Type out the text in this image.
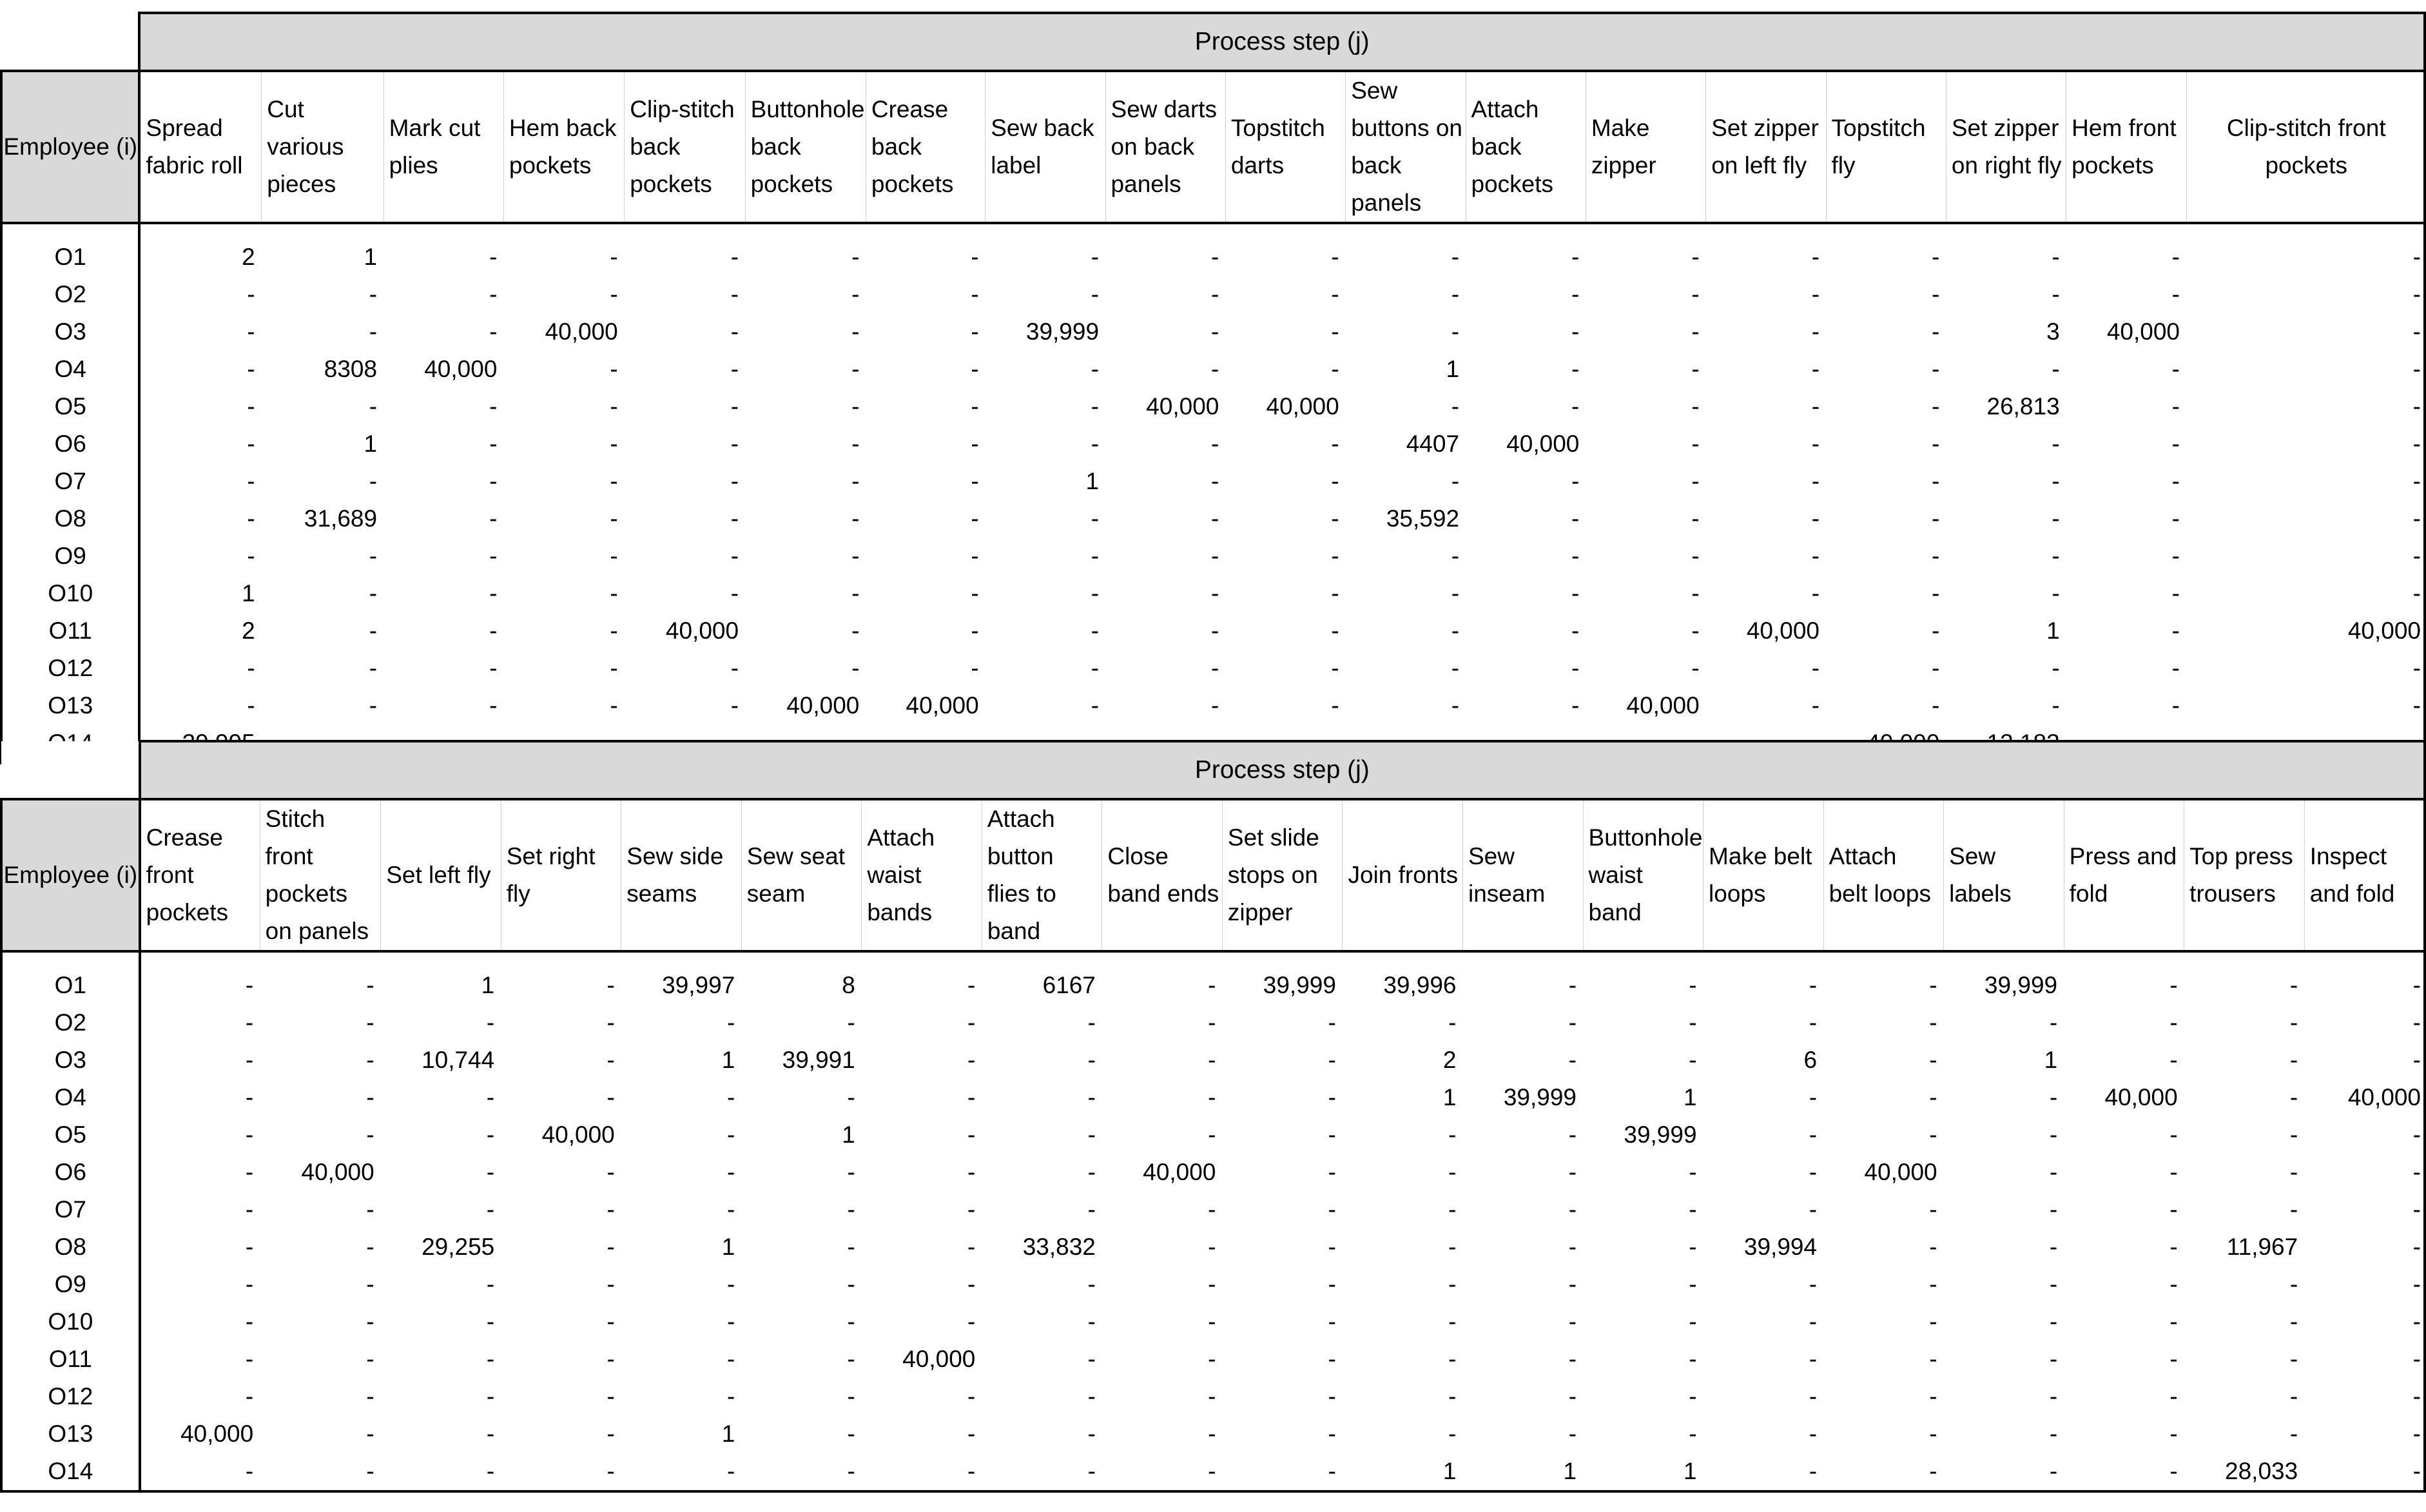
	Process step (j)																	
Employee (i)	Spread fabric roll	Cut various pieces	Mark cut plies	Hem back pockets	Clip-stitch back pockets	Buttonhole back pockets	Crease back pockets	Sew back label	Sew darts on back panels	Topstitch darts	Sew buttons on back panels	Attach back pockets	Make zipper	Set zipper on left fly	Topstitch fly	Set zipper on right fly	Hem front pockets	Clip-stitch front pockets

O1	2	1	-	-	-	-	-	-	-	-	-	-	-	-	-	-	-	-
O2	-	-	-	-	-	-	-	-	-	-	-	-	-	-	-	-	-	-
O3	-	-	-	40,000	-	-	-	39,999	-	-	-	-	-	-	-	3	40,000	-
O4	-	8308	40,000	-	-	-	-	-	-	-	1	-	-	-	-	-	-	-
O5	-	-	-	-	-	-	-	-	40,000	40,000	-	-	-	-	-	26,813	-	-
O6	-	1	-	-	-	-	-	-	-	-	4407	40,000	-	-	-	-	-	-
O7	-	-	-	-	-	-	-	1	-	-	-	-	-	-	-	-	-	-
O8	-	31,689	-	-	-	-	-	-	-	-	35,592	-	-	-	-	-	-	-
O9	-	-	-	-	-	-	-	-	-	-	-	-	-	-	-	-	-	-
O10	1	-	-	-	-	-	-	-	-	-	-	-	-	-	-	-	-	-
O11	2	-	-	-	40,000	-	-	-	-	-	-	-	-	40,000	-	1	-	40,000
O12	-	-	-	-	-	-	-	-	-	-	-	-	-	-	-	-	-	-
O13	-	-	-	-	-	40,000	40,000	-	-	-	-	-	40,000	-	-	-	-	-

	Process step (j)																		
Employee (i)	Crease front pockets	Stitch front pockets on panels	Set left fly	Set right fly	Sew side seams	Sew seat seam	Attach waist bands	Attach button flies to band	Close band ends	Set slide stops on zipper	Join fronts	Sew inseam	Buttonhole waist band	Make belt loops	Attach belt loops	Sew labels	Press and fold	Top press trousers	Inspect and fold

O1	-	-	1	-	39,997	8	-	6167	-	39,999	39,996	-	-	-	-	39,999	-	-	-
O2	-	-	-	-	-	-	-	-	-	-	-	-	-	-	-	-	-	-	-
O3	-	-	10,744	-	1	39,991	-	-	-	-	2	-	-	6	-	1	-	-	-
O4	-	-	-	-	-	-	-	-	-	-	1	39,999	1	-	-	-	40,000	-	40,000
O5	-	-	-	40,000	-	1	-	-	-	-	-	-	39,999	-	-	-	-	-	-
O6	-	40,000	-	-	-	-	-	-	40,000	-	-	-	-	-	40,000	-	-	-	-
O7	-	-	-	-	-	-	-	-	-	-	-	-	-	-	-	-	-	-	-
O8	-	-	29,255	-	1	-	-	33,832	-	-	-	-	-	39,994	-	-	-	11,967	-
O9	-	-	-	-	-	-	-	-	-	-	-	-	-	-	-	-	-	-	-
O10	-	-	-	-	-	-	-	-	-	-	-	-	-	-	-	-	-	-	-
O11	-	-	-	-	-	-	40,000	-	-	-	-	-	-	-	-	-	-	-	-
O12	-	-	-	-	-	-	-	-	-	-	-	-	-	-	-	-	-	-	-
O13	40,000	-	-	-	1	-	-	-	-	-	-	-	-	-	-	-	-	-	-
O14	-	-	-	-	-	-	-	-	-	-	1	1	1	-	-	-	-	28,033	-
